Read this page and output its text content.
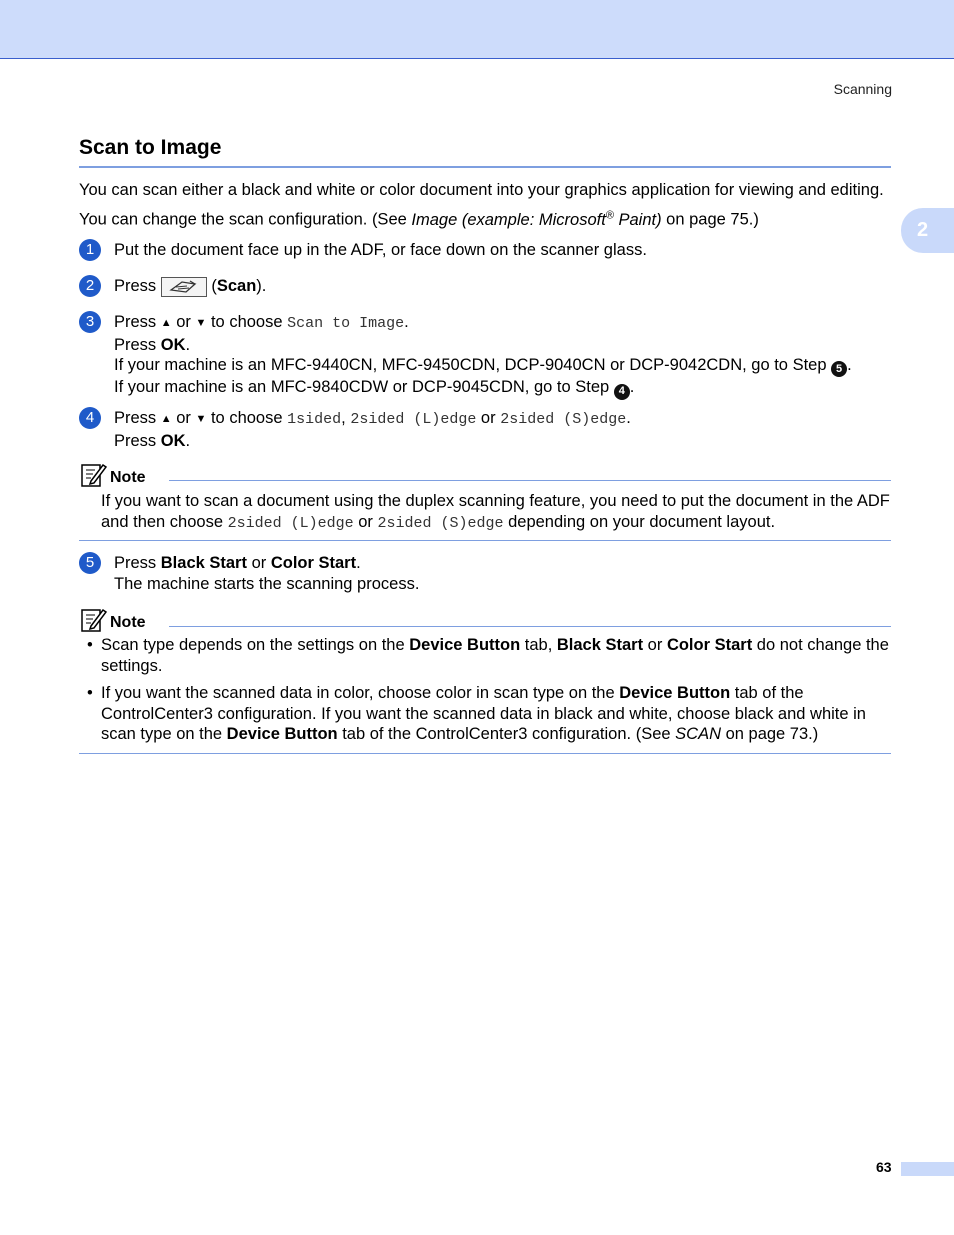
Scanning
2
Scan to Image
You can scan either a black and white or color document into your graphics application for viewing and editing. You can change the scan configuration. (See Image (example: Microsoft® Paint) on page 75.)
1	Put the document face up in the ADF, or face down on the scanner glass.
2	Press	(Scan).
3	Press ▲ or ▼ to choose Scan to Image.
Press OK.
If your machine is an MFC-9440CN, MFC-9450CDN, DCP-9040CN or DCP-9042CDN, go to Step 5 .
If your machine is an MFC-9840CDW or DCP-9045CDN, go to Step 4 .
4	Press ▲ or ▼ to choose 1sided, 2sided (L)edge or 2sided (S)edge.
Press OK.
Note
If you want to scan a document using the duplex scanning feature, you need to put the document in the ADF and then choose 2sided (L)edge or 2sided (S)edge depending on your document layout.
5	Press Black Start or Color Start.
The machine starts the scanning process.
Note
• Scan type depends on the settings on the Device Button tab, Black Start or Color Start do not change the settings.
• If you want the scanned data in color, choose color in scan type on the Device Button tab of the ControlCenter3 configuration. If you want the scanned data in black and white, choose black and white in scan type on the Device Button tab of the ControlCenter3 configuration. (See SCAN on page 73.)
63
